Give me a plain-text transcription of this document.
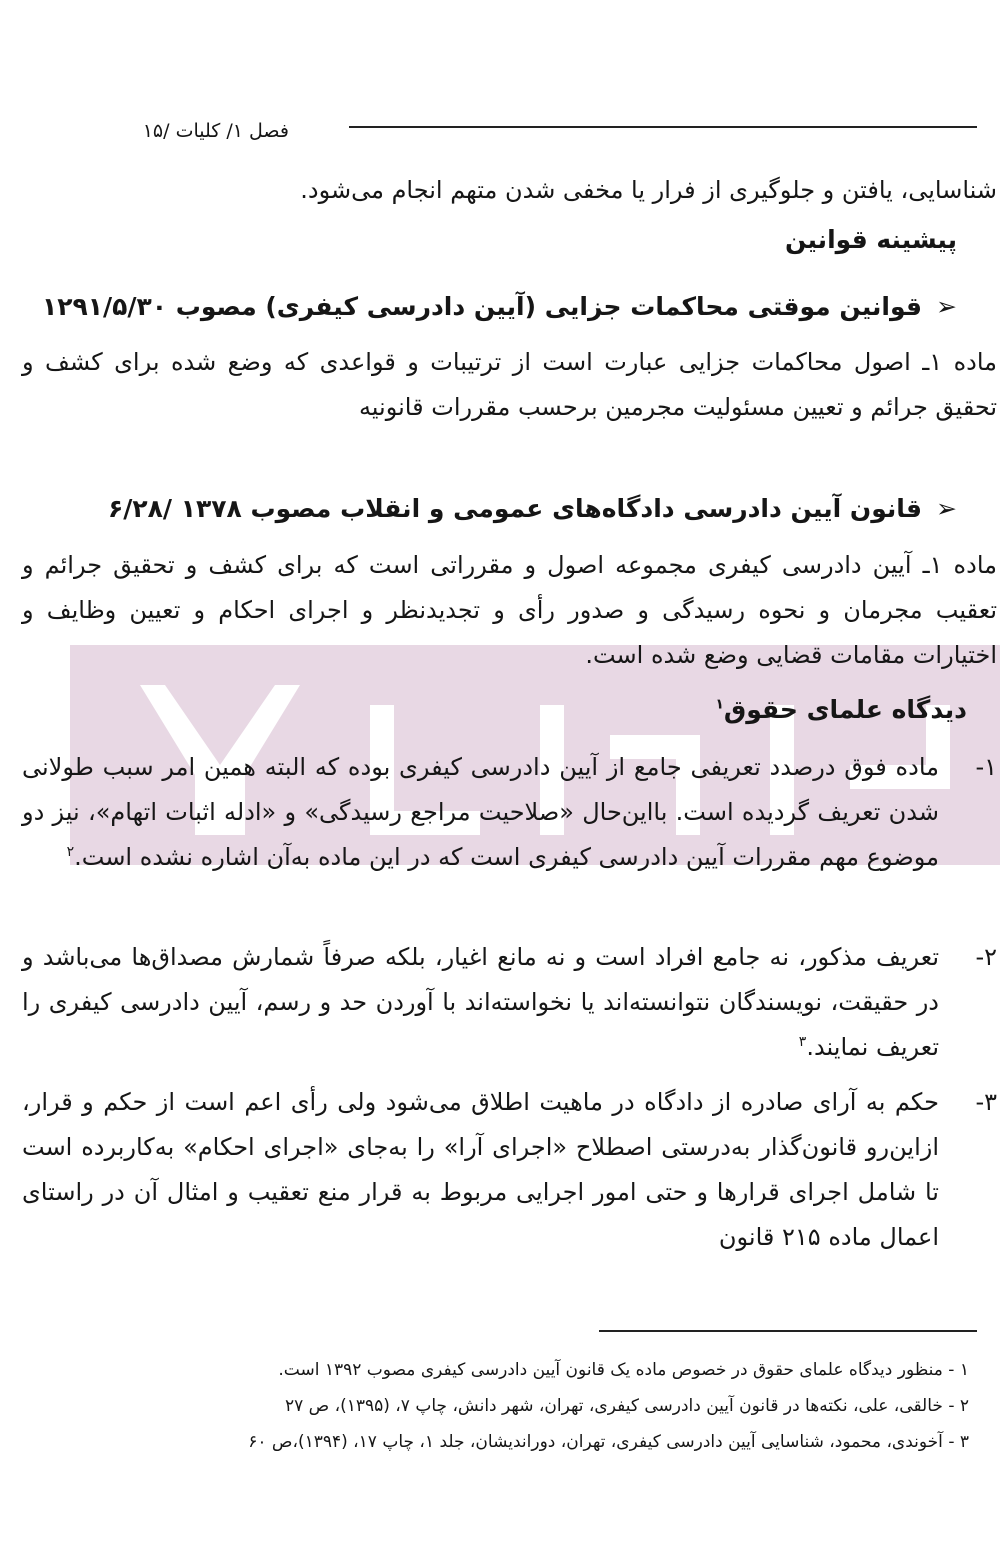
فصل ۱/ کلیات /۱۵
شناسایی، یافتن و جلوگیری از فرار یا مخفی شدن متهم انجام می‌شود.
پیشینه قوانین
➢قوانین موقتی محاکمات جزایی (آیین دادرسی کیفری) مصوب ۱۲۹۱/۵/۳۰
ماده ۱ـ اصول محاکمات جزایی عبارت است از ترتیبات و قواعدی که وضع شده برای کشف و تحقیق جرائم و تعیین مسئولیت مجرمین برحسب مقررات قانونیه
➢قانون آیین دادرسی دادگاه‌های عمومی و انقلاب مصوب ۱۳۷۸ /۶/۲۸
ماده ۱ـ آیین دادرسی کیفری مجموعه اصول و مقرراتی است که برای کشف و تحقیق جرائم و تعقیب مجرمان و نحوه رسیدگی و صدور رأی و تجدیدنظر و اجرای احکام و تعیین وظایف و اختیارات مقامات قضایی وضع شده است.
دیدگاه علمای حقوق$^۱$
۱-
ماده فوق درصدد تعریفی جامع از آیین دادرسی کیفری بوده که البته همین امر سبب طولانی شدن تعریف گردیده است. بااین‌حال «صلاحیت مراجع رسیدگی» و «ادله اثبات اتهام»، نیز دو موضوع مهم مقررات آیین دادرسی کیفری است که در این ماده به‌آن اشاره نشده است.$^۲$
۲-
تعریف مذکور، نه جامع افراد است و نه مانع اغیار، بلکه صرفاً شمارش مصداق‌ها می‌باشد و در حقیقت، نویسندگان نتوانسته‌اند یا نخواسته‌اند با آوردن حد و رسم، آیین دادرسی کیفری را تعریف نمایند.$^۳$
۳-
حکم به آرای صادره از دادگاه در ماهیت اطلاق می‌شود ولی رأی اعم است از حکم و قرار، ازاین‌رو قانون‌گذار به‌درستی اصطلاح «اجرای آرا» را به‌جای «اجرای احکام» به‌کاربرده است تا شامل اجرای قرارها و حتی امور اجرایی مربوط به قرار منع تعقیب و امثال آن در راستای اعمال ماده ۲۱۵ قانون
۱ - منظور دیدگاه علمای حقوق در خصوص ماده یک قانون آیین دادرسی کیفری مصوب ۱۳۹۲ است.
۲ - خالقی، علی، نکته‌ها در قانون آیین دادرسی کیفری، تهران، شهر دانش، چاپ ۷، (۱۳۹۵)، ص ۲۷
۳ - آخوندی، محمود، شناسایی آیین دادرسی کیفری، تهران، دوراندیشان، جلد ۱، چاپ ۱۷، (۱۳۹۴)،ص ۶۰
